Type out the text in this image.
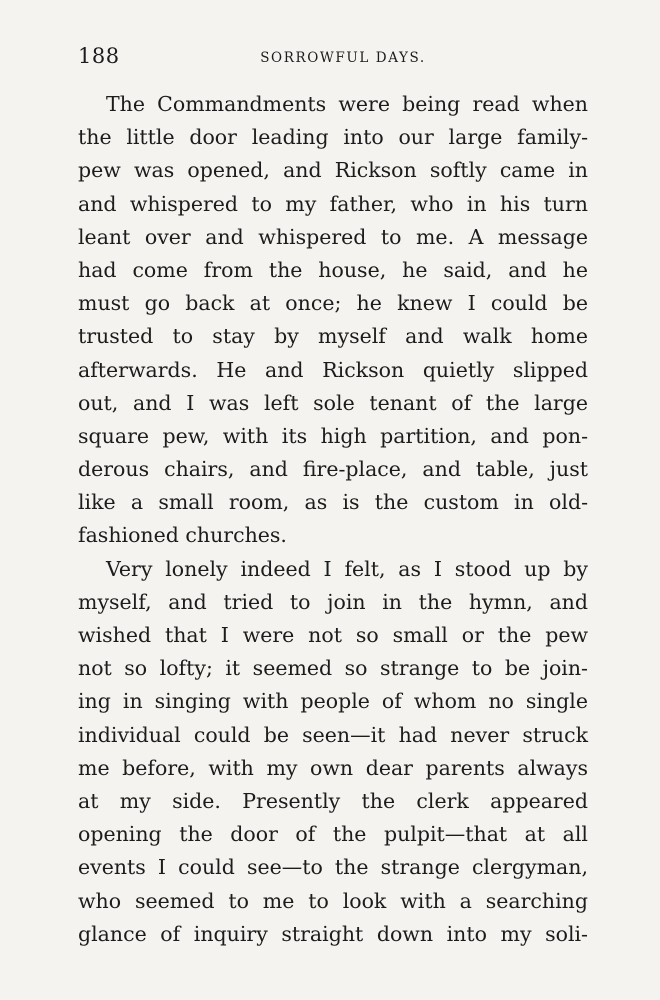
188	SORROWFUL DAYS.
The Commandments were being read when
the little door leading into our large family-
pew was opened, and Rickson softly came in
and whispered to my father, who in his turn
leant over and whispered to me. A message
had come from the house, he said, and he
must go back at once; he knew I could be
trusted to stay by myself and walk home
afterwards. He and Rickson quietly slipped
out, and I was left sole tenant of the large
square pew, with its high partition, and pon-
derous chairs, and fire-place, and table, just
like a small room, as is the custom in old-
fashioned churches.
Very lonely indeed I felt, as I stood up by
myself, and tried to join in the hymn, and
wished that I were not so small or the pew
not so lofty; it seemed so strange to be join-
ing in singing with people of whom no single
individual could be seen—it had never struck
me before, with my own dear parents always
at my side. Presently the clerk appeared
opening the door of the pulpit—that at all
events I could see—to the strange clergyman,
who seemed to me to look with a searching
glance of inquiry straight down into my soli-
